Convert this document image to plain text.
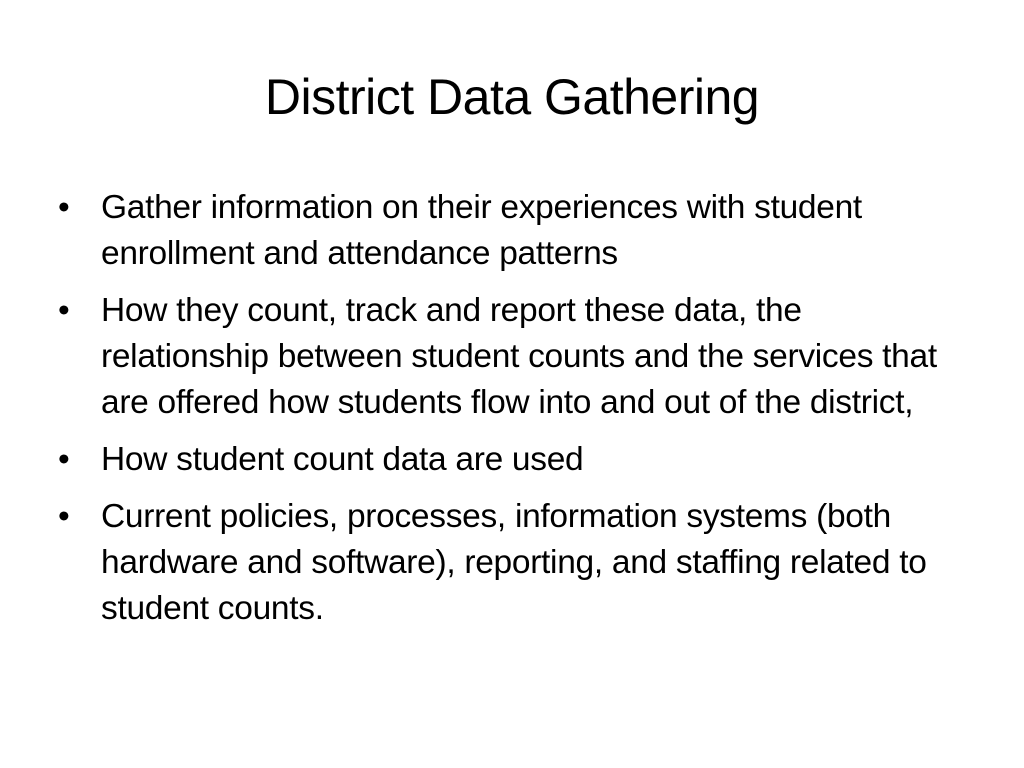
District Data Gathering
• Gather information on their experiences with student enrollment and attendance patterns
• How they count, track and report these data, the relationship between student counts and the services that are offered how students flow into and out of the district,
• How student count data are used
• Current policies, processes, information systems (both hardware and software), reporting, and staffing related to student counts.
